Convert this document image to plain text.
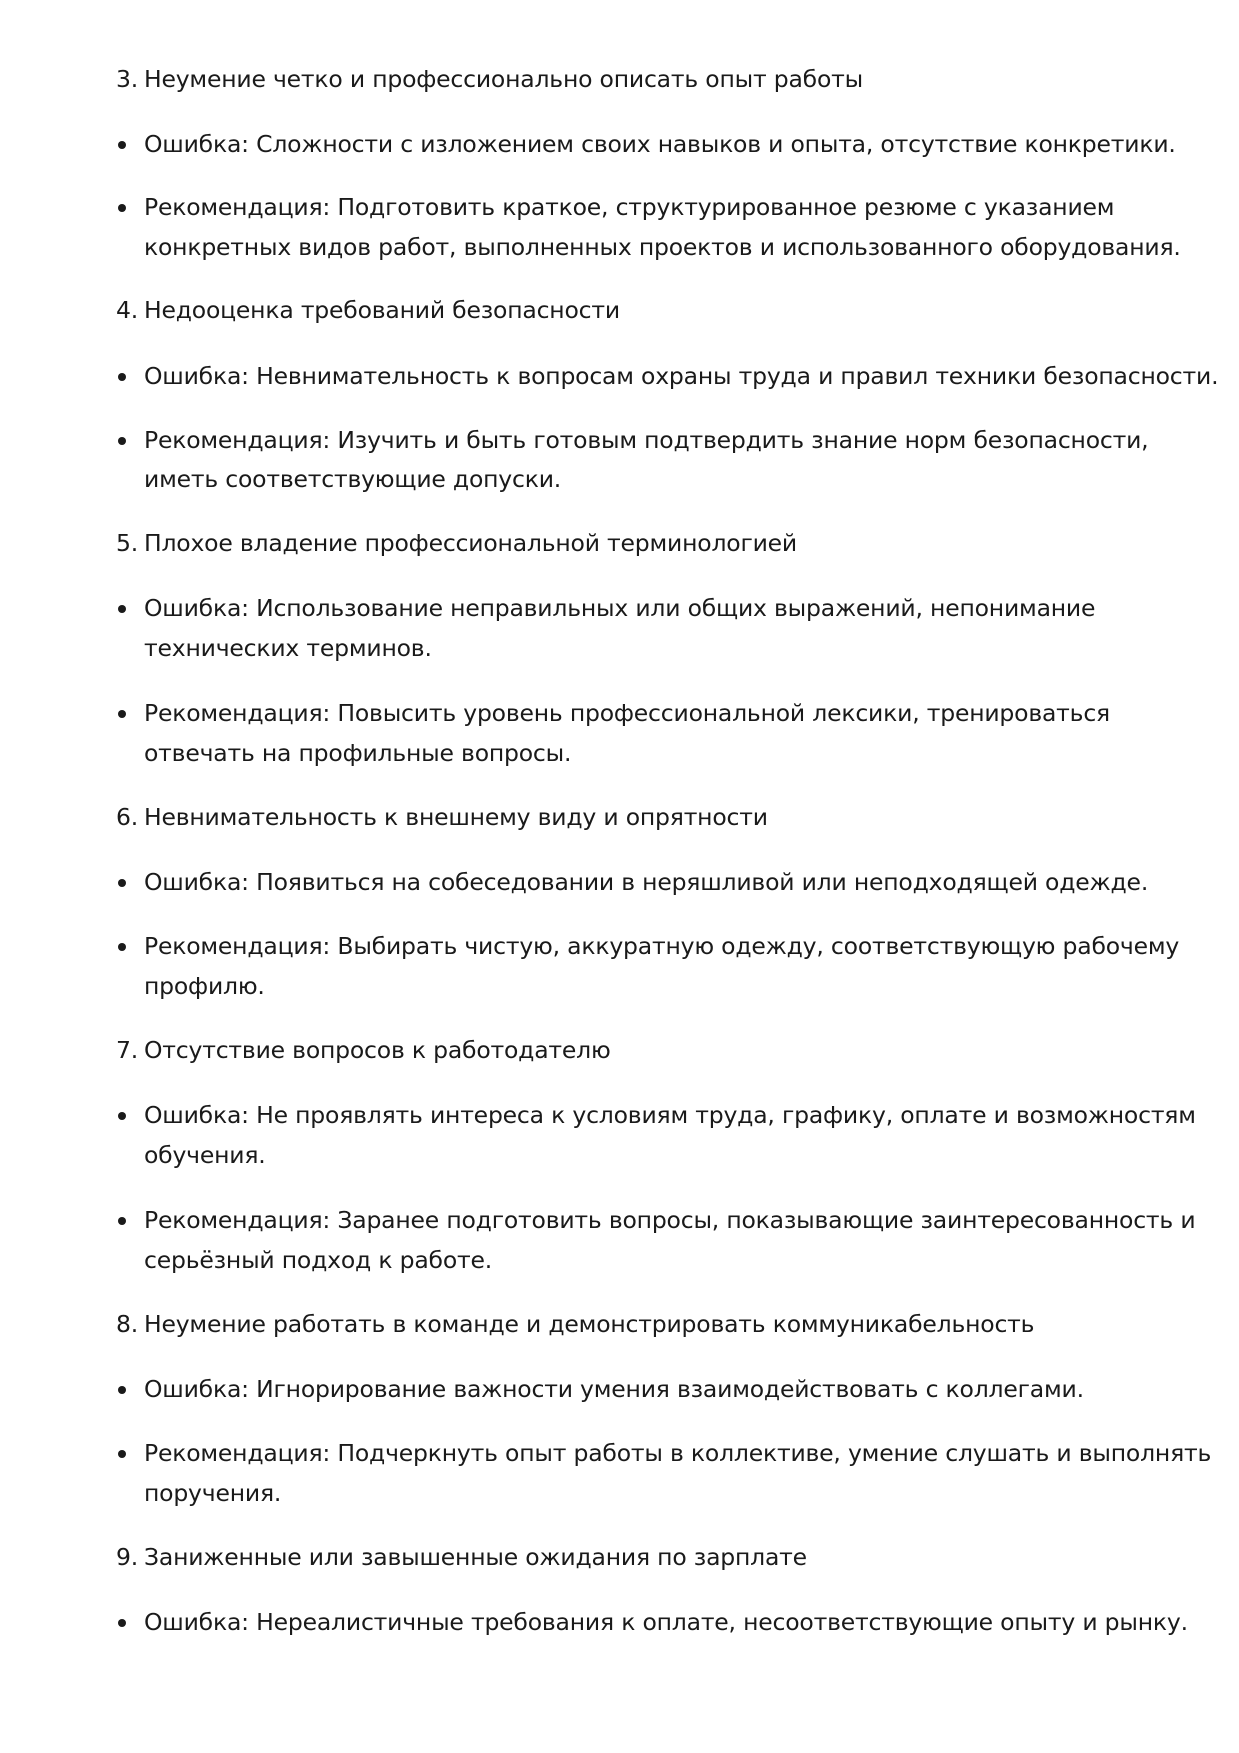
3. Неумение четко и профессионально описать опыт работы
Ошибка: Сложности с изложением своих навыков и опыта, отсутствие конкретики.
Рекомендация: Подготовить краткое, структурированное резюме с указанием
конкретных видов работ, выполненных проектов и использованного оборудования.
4. Недооценка требований безопасности
Ошибка: Невнимательность к вопросам охраны труда и правил техники безопасности.
Рекомендация: Изучить и быть готовым подтвердить знание норм безопасности,
иметь соответствующие допуски.
5. Плохое владение профессиональной терминологией
Ошибка: Использование неправильных или общих выражений, непонимание
технических терминов.
Рекомендация: Повысить уровень профессиональной лексики, тренироваться
отвечать на профильные вопросы.
6. Невнимательность к внешнему виду и опрятности
Ошибка: Появиться на собеседовании в неряшливой или неподходящей одежде.
Рекомендация: Выбирать чистую, аккуратную одежду, соответствующую рабочему
профилю.
7. Отсутствие вопросов к работодателю
Ошибка: Не проявлять интереса к условиям труда, графику, оплате и возможностям
обучения.
Рекомендация: Заранее подготовить вопросы, показывающие заинтересованность и
серьёзный подход к работе.
8. Неумение работать в команде и демонстрировать коммуникабельность
Ошибка: Игнорирование важности умения взаимодействовать с коллегами.
Рекомендация: Подчеркнуть опыт работы в коллективе, умение слушать и выполнять
поручения.
9. Заниженные или завышенные ожидания по зарплате
Ошибка: Нереалистичные требования к оплате, несоответствующие опыту и рынку.
